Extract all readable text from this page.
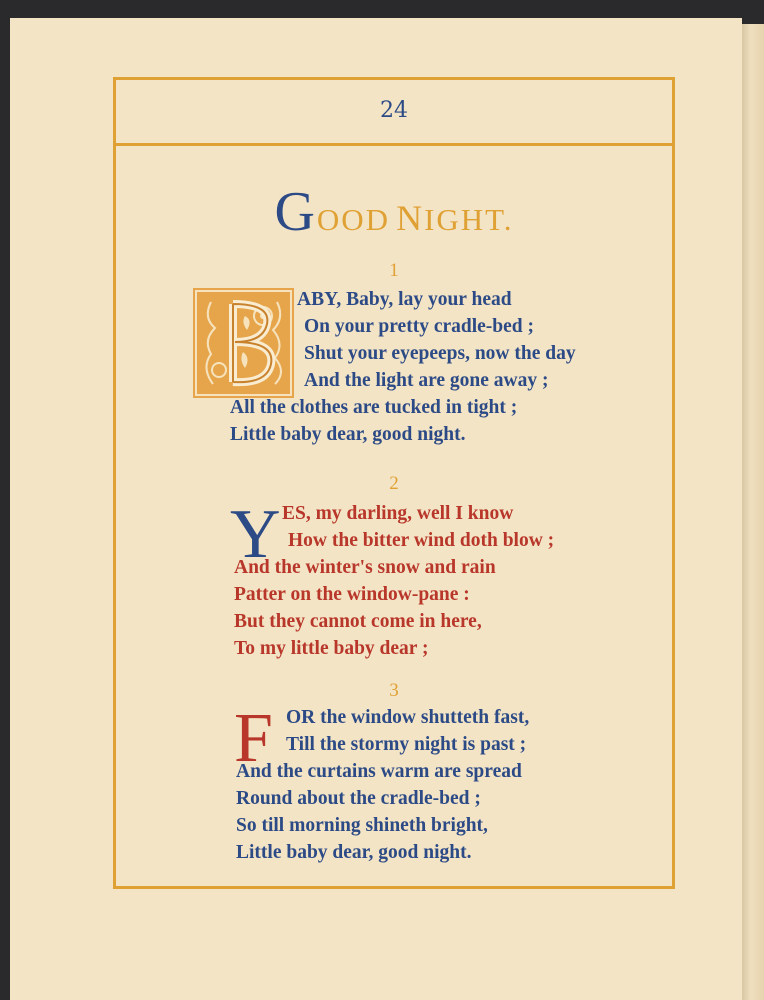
24
GOOD NIGHT.
1
ABY, Baby, lay your head
On your pretty cradle-bed ;
Shut your eyepeeps, now the day
And the light are gone away ;
All the clothes are tucked in tight ;
Little baby dear, good night.
2
Y ES, my darling, well I know
How the bitter wind doth blow ;
And the winter's snow and rain
Patter on the window-pane :
But they cannot come in here,
To my little baby dear ;
3
F OR the window shutteth fast,
Till the stormy night is past ;
And the curtains warm are spread
Round about the cradle-bed ;
So till morning shineth bright,
Little baby dear, good night.
